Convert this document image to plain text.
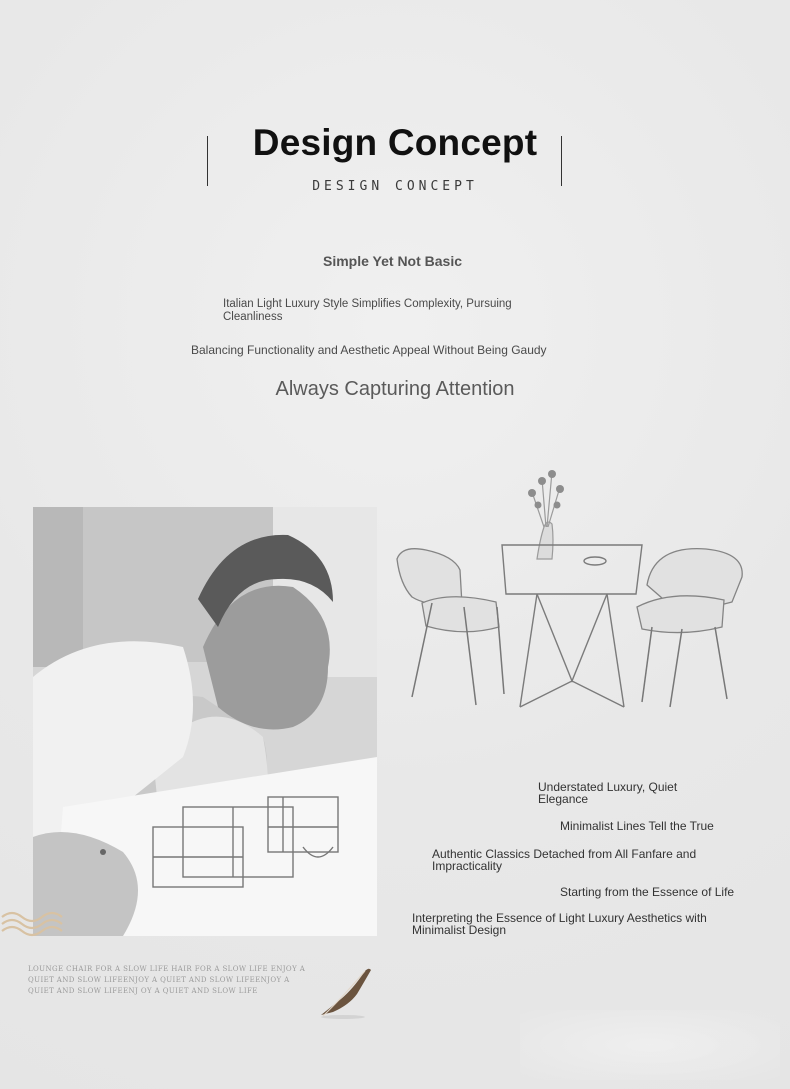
Design Concept
DESIGN CONCEPT
Simple Yet Not Basic
Italian Light Luxury Style Simplifies Complexity, Pursuing Cleanliness
Balancing Functionality and Aesthetic Appeal Without Being Gaudy
Always Capturing Attention
Understated Luxury, Quiet Elegance
Minimalist Lines Tell the True
Authentic Classics Detached from All Fanfare and Impracticality
Starting from the Essence of Life
Interpreting the Essence of Light Luxury Aesthetics with Minimalist Design
LOUNGE CHAIR FOR A SLOW LIFE HAIR FOR A SLOW LIFE ENJOY A QUIET AND SLOW LIFEENJOY A QUIET AND SLOW LIFEENJOY A QUIET AND SLOW LIFEENJ OY A QUIET AND SLOW LIFE
